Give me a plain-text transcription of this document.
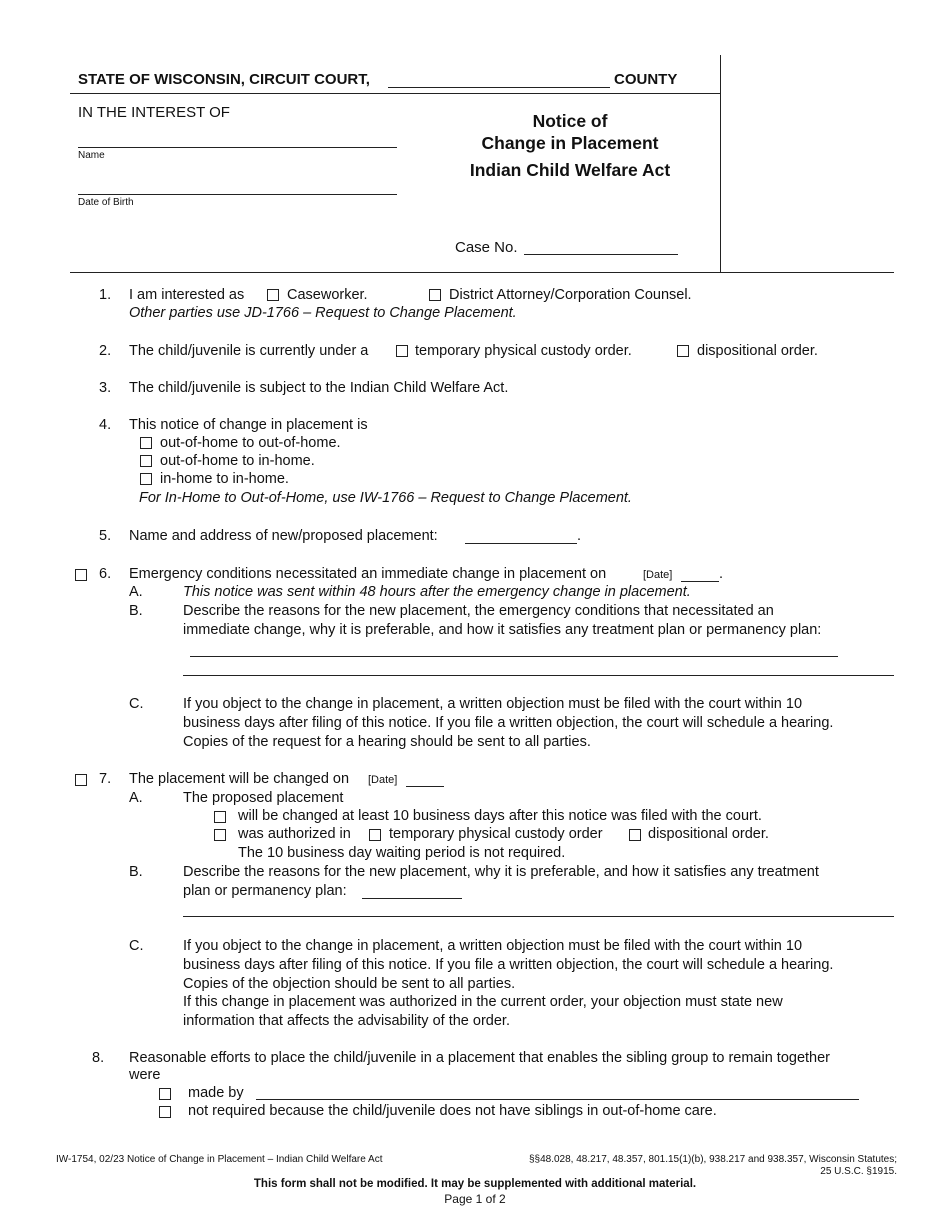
STATE OF WISCONSIN, CIRCUIT COURT,	COUNTY
IN THE INTEREST OF
Name
Date of Birth
Notice of
Change in Placement
Indian Child Welfare Act
Case No.
1. I am interested as	Caseworker.	District Attorney/Corporation Counsel.
Other parties use JD-1766 – Request to Change Placement.
2. The child/juvenile is currently under a	temporary physical custody order.	dispositional order.
3. The child/juvenile is subject to the Indian Child Welfare Act.
4. This notice of change in placement is
out-of-home to out-of-home.
out-of-home to in-home.
in-home to in-home.
For In-Home to Out-of-Home, use IW-1766 – Request to Change Placement.
5. Name and address of new/proposed placement:	.
6. Emergency conditions necessitated an immediate change in placement on	[Date]	.
A.	This notice was sent within 48 hours after the emergency change in placement.
B.	Describe the reasons for the new placement, the emergency conditions that necessitated an
immediate change, why it is preferable, and how it satisfies any treatment plan or permanency plan:
C.	If you object to the change in placement, a written objection must be filed with the court within 10
business days after filing of this notice. If you file a written objection, the court will schedule a hearing.
Copies of the request for a hearing should be sent to all parties.
7. The placement will be changed on [Date]
A.	The proposed placement
will be changed at least 10 business days after this notice was filed with the court.
was authorized in	temporary physical custody order	dispositional order.
The 10 business day waiting period is not required.
B.	Describe the reasons for the new placement, why it is preferable, and how it satisfies any treatment
plan or permanency plan:
C.	If you object to the change in placement, a written objection must be filed with the court within 10
business days after filing of this notice. If you file a written objection, the court will schedule a hearing.
Copies of the objection should be sent to all parties.
If this change in placement was authorized in the current order, your objection must state new
information that affects the advisability of the order.
8. Reasonable efforts to place the child/juvenile in a placement that enables the sibling group to remain together
were
made by
not required because the child/juvenile does not have siblings in out-of-home care.
IW-1754, 02/23 Notice of Change in Placement – Indian Child Welfare Act	§§48.028, 48.217, 48.357, 801.15(1)(b), 938.217 and 938.357, Wisconsin Statutes;
25 U.S.C. §1915.
This form shall not be modified. It may be supplemented with additional material.
Page 1 of 2
